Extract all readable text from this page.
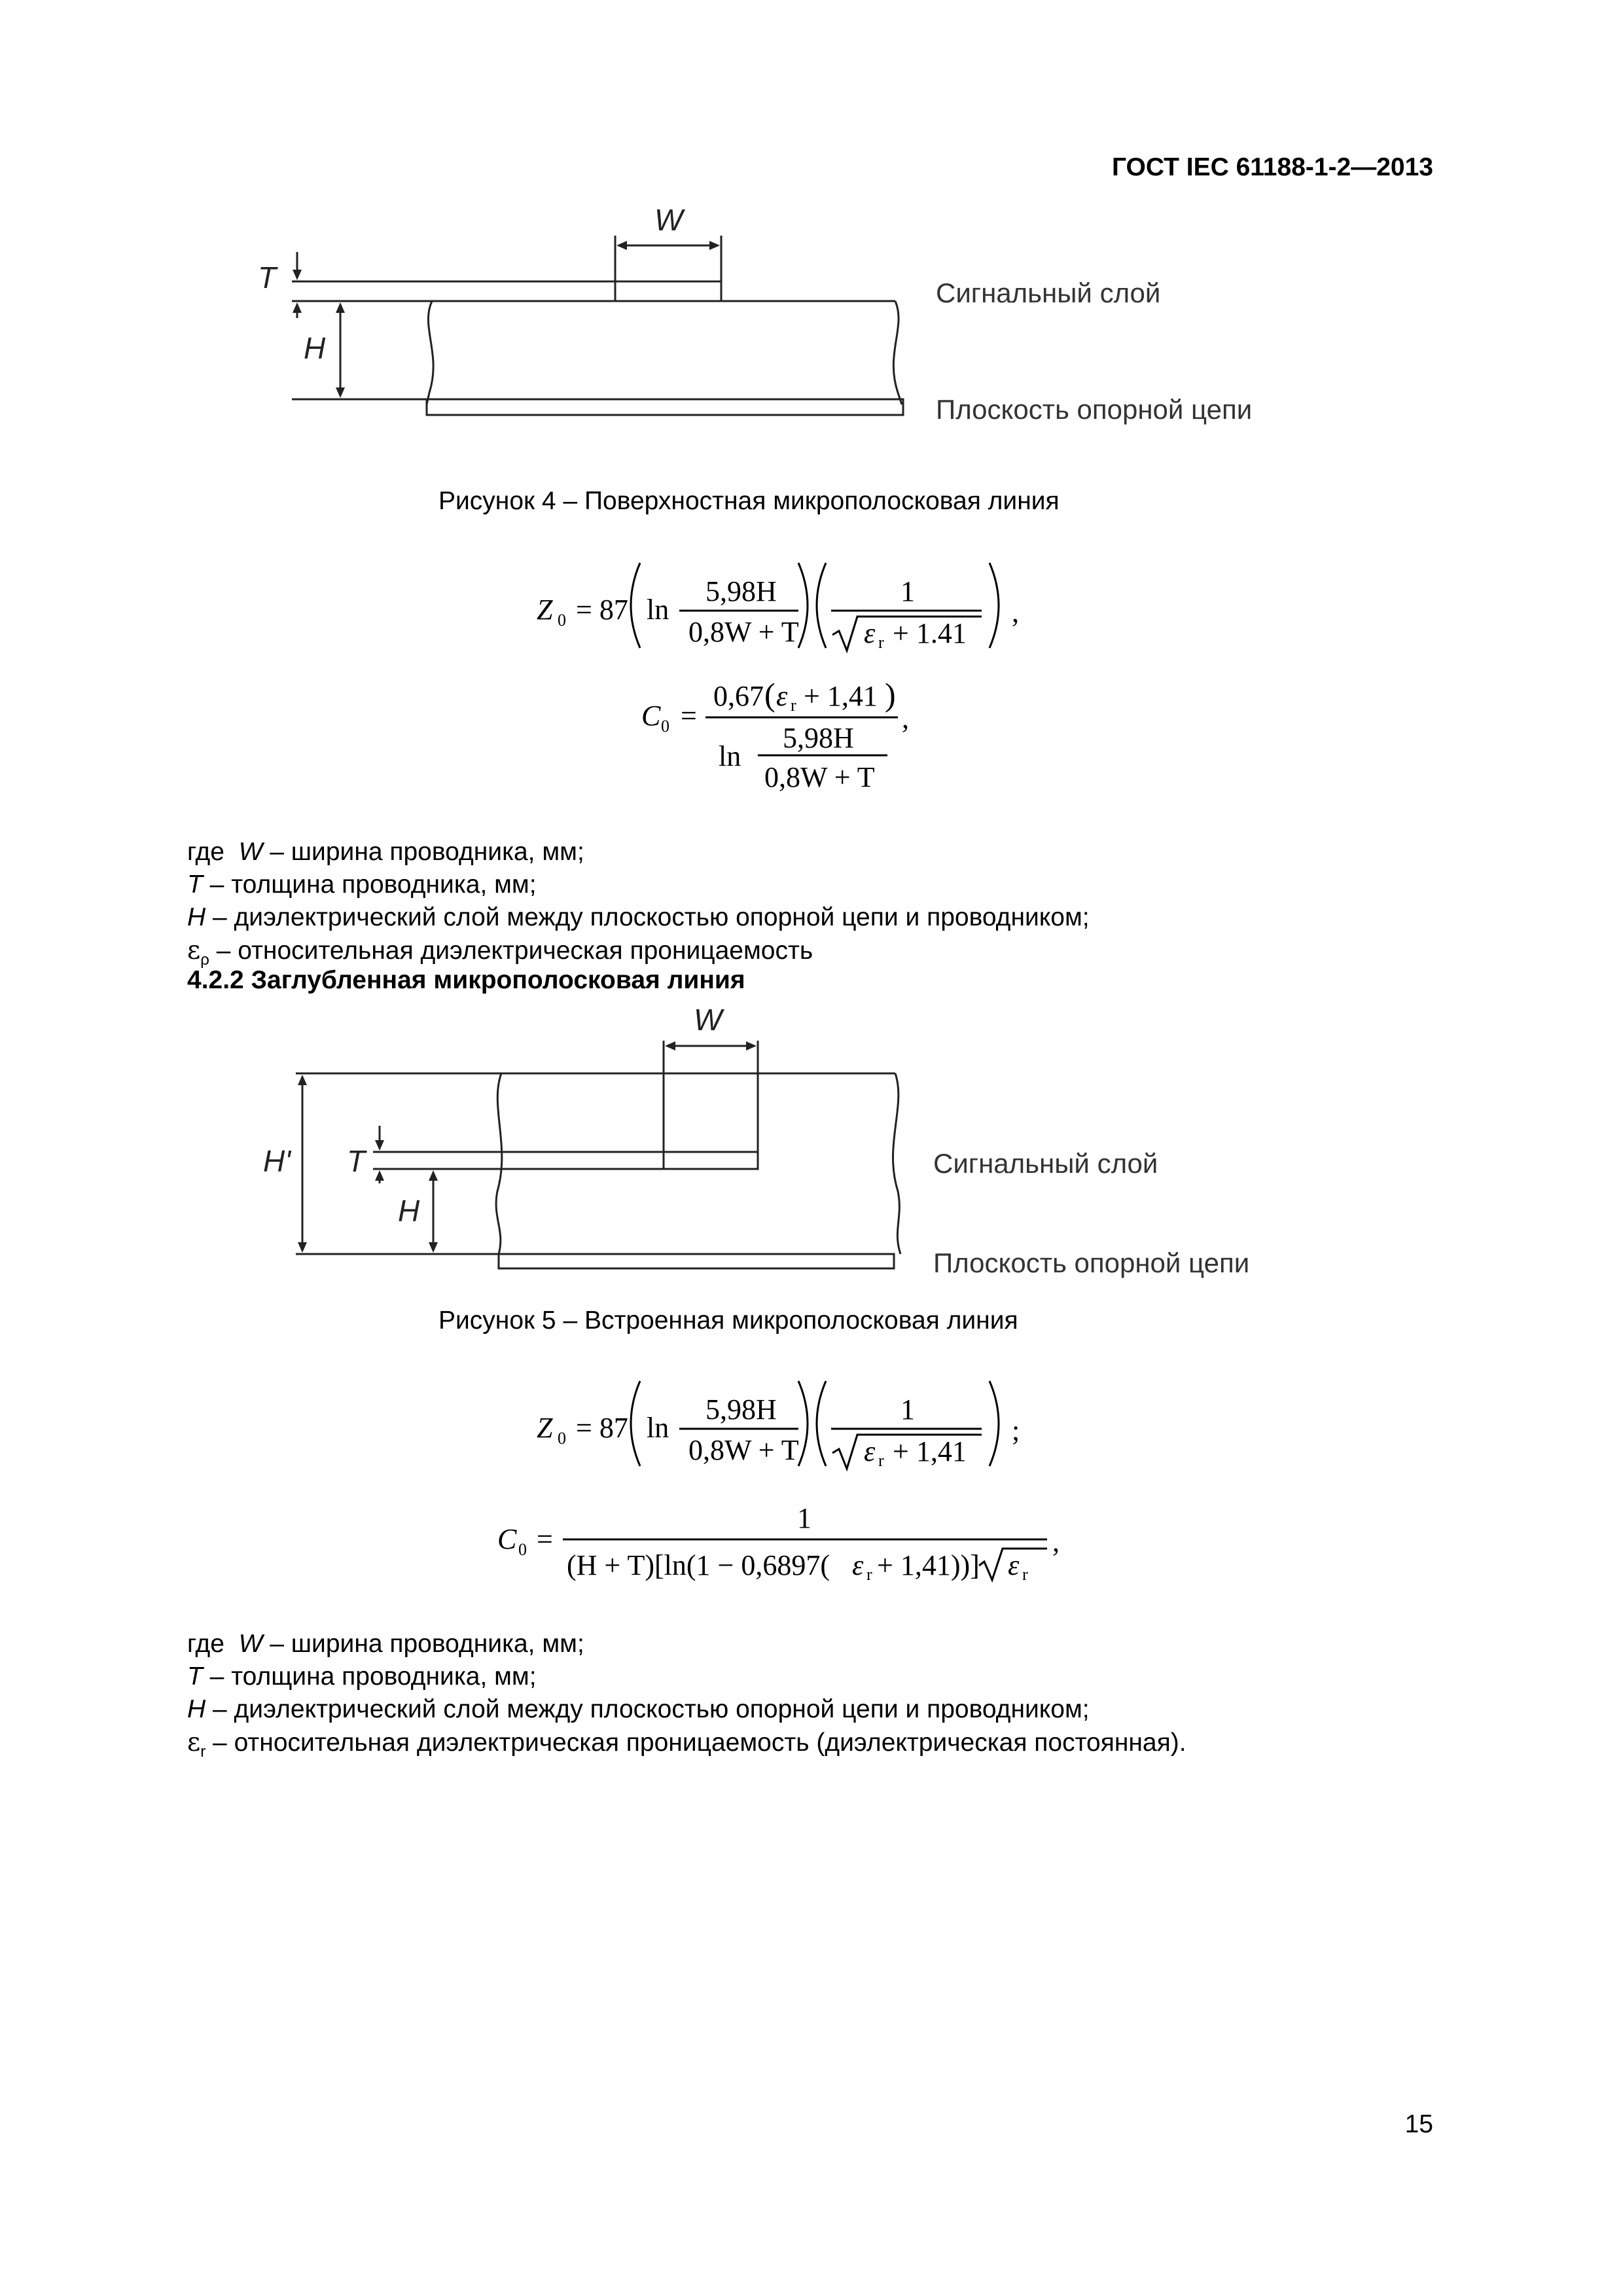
ГОСТ IEC 61188-1-2—2013
W
T
H
Сигнальный слой
Плоскость опорной цепи
Рисунок 4 – Поверхностная микрополосковая линия
Z 0 = 87 ln
5,98H
0,8W + T
1
ε r + 1.41
,
C 0 =
0,67 ( ε r + 1,41 )
ln
5,98H
0,8W + T
,
где  W – ширина проводника, мм;
T – толщина проводника, мм;
H – диэлектрический слой между плоскостью опорной цепи и проводником;
$\varepsilon_\rho$ – относительная диэлектрическая проницаемость
4.2.2 Заглубленная микрополосковая линия
W
H' T
H
Сигнальный слой
Плоскость опорной цепи
Рисунок 5 – Встроенная микрополосковая линия
Z 0 = 87 ln
5,98H
0,8W + T
1
ε r + 1,41
;
C 0 =
1
(H + T)[ln(1 − 0,6897( ε r + 1,41))] ε r
,
где  W – ширина проводника, мм;
T – толщина проводника, мм;
H – диэлектрический слой между плоскостью опорной цепи и проводником;
$\varepsilon_r$ – относительная диэлектрическая проницаемость (диэлектрическая постоянная).
15
